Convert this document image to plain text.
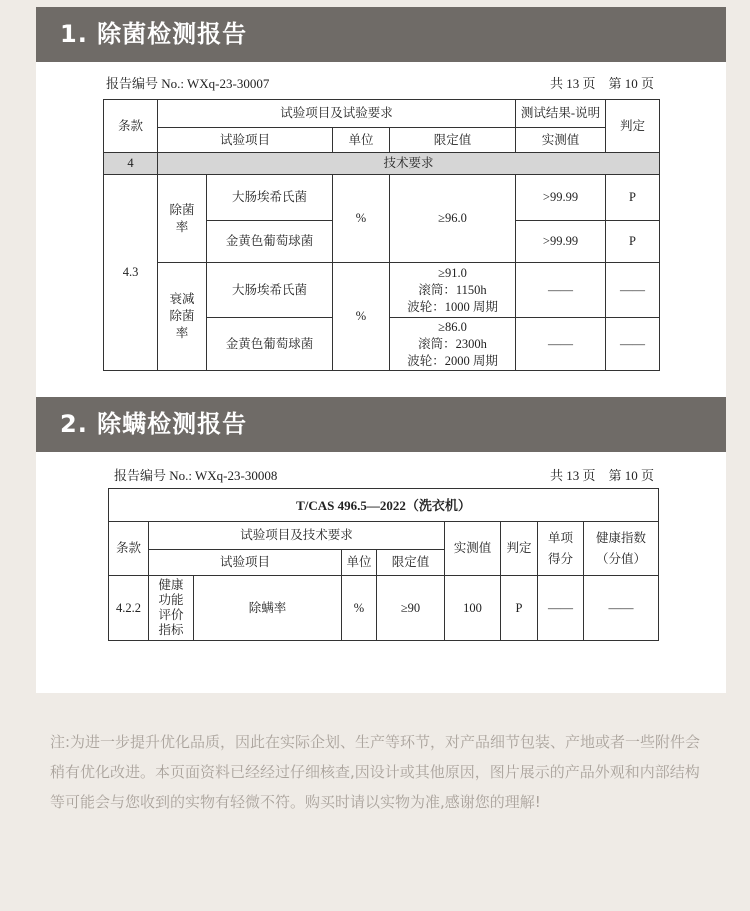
1. 除菌检测报告
报告编号 No.: WXq-23-30007	共 13 页　第 10 页
条款	试验项目及试验要求				测试结果-说明	判定
	试验项目		单位	限定值	实测值	
4	技术要求					
4.3	除菌率	大肠埃希氏菌	%	≥96.0	>99.99	P
		金黄色葡萄球菌			>99.99	P
	衰减除菌率	大肠埃希氏菌	%	≥91.0
滚筒：1150h
波轮：1000 周期	——	——
		金黄色葡萄球菌		≥86.0
滚筒：2300h
波轮：2000 周期	——	——
2. 除螨检测报告
报告编号 No.: WXq-23-30008	共 13 页　第 10 页
T/CAS 496.5—2022（洗衣机）								
条款	试验项目及技术要求				实测值	判定	单项得分	健康指数（分值）
	试验项目		单位	限定值				
4.2.2	健康功能评价指标	除螨率	%	≥90	100	P	——	——

注:为进一步提升优化品质，因此在实际企划、生产等环节，对产品细节包装、产地或者一些附件会稍有优化改进。本页面资料已经经过仔细核查,因设计或其他原因，图片展示的产品外观和内部结构等可能会与您收到的实物有轻微不符。购买时请以实物为准,感谢您的理解!
